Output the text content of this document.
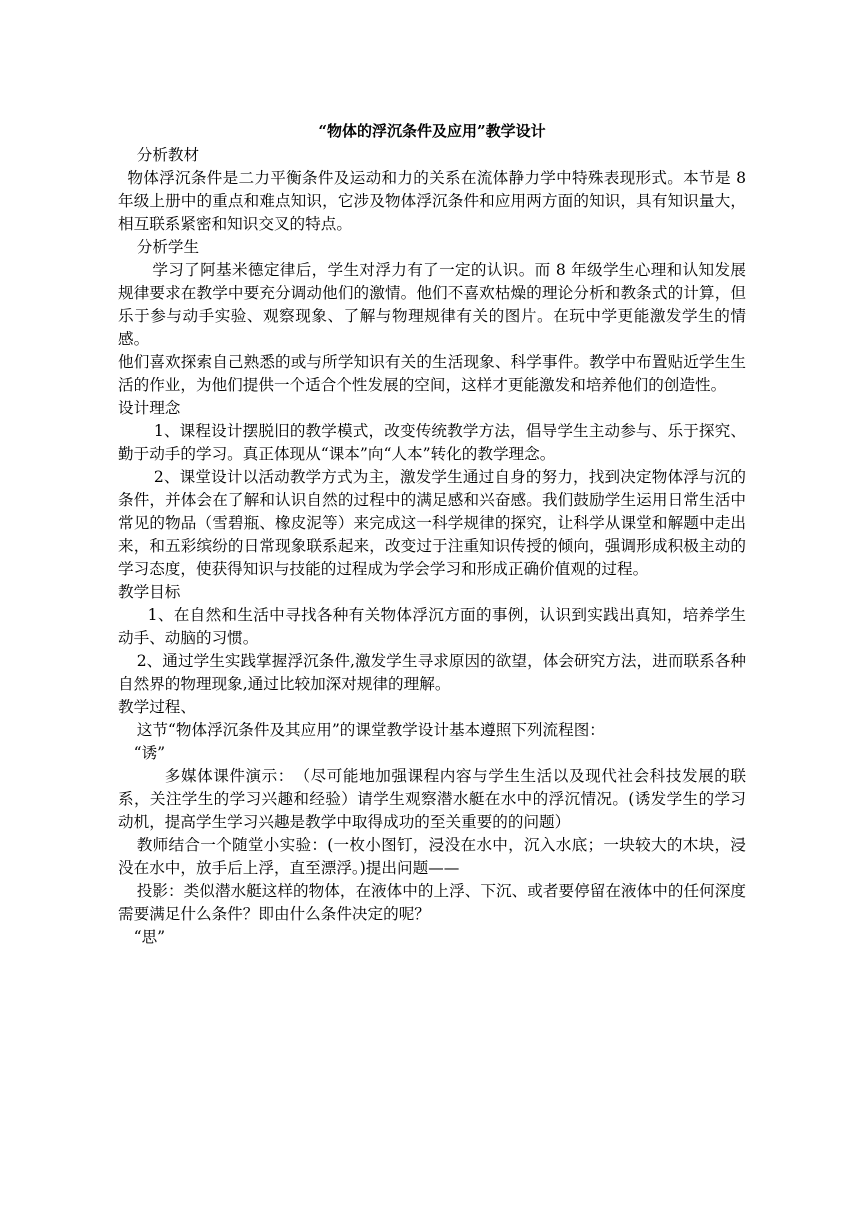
“物体的浮沉条件及应用”教学设计

分析教材

物体浮沉条件是二力平衡条件及运动和力的关系在流体静力学中特殊表现形式。本节是 8 年级上册中的重点和难点知识，它涉及物体浮沉条件和应用两方面的知识，具有知识量大，相互联系紧密和知识交叉的特点。

分析学生

学习了阿基米德定律后，学生对浮力有了一定的认识。而 8 年级学生心理和认知发展规律要求在教学中要充分调动他们的激情。他们不喜欢枯燥的理论分析和教条式的计算，但乐于参与动手实验、观察现象、了解与物理规律有关的图片。在玩中学更能激发学生的情感。

他们喜欢探索自己熟悉的或与所学知识有关的生活现象、科学事件。教学中布置贴近学生生活的作业，为他们提供一个适合个性发展的空间，这样才更能激发和培养他们的创造性。

设计理念

1、课程设计摆脱旧的教学模式，改变传统教学方法，倡导学生主动参与、乐于探究、勤于动手的学习。真正体现从“课本”向“人本”转化的教学理念。

2、课堂设计以活动教学方式为主，激发学生通过自身的努力，找到决定物体浮与沉的条件，并体会在了解和认识自然的过程中的满足感和兴奋感。我们鼓励学生运用日常生活中常见的物品（雪碧瓶、橡皮泥等）来完成这一科学规律的探究，让科学从课堂和解题中走出来，和五彩缤纷的日常现象联系起来，改变过于注重知识传授的倾向，强调形成积极主动的学习态度，使获得知识与技能的过程成为学会学习和形成正确价值观的过程。

教学目标

1、在自然和生活中寻找各种有关物体浮沉方面的事例，认识到实践出真知，培养学生动手、动脑的习惯。

2、通过学生实践掌握浮沉条件,激发学生寻求原因的欲望，体会研究方法，进而联系各种自然界的物理现象,通过比较加深对规律的理解。

教学过程、

这节“物体浮沉条件及其应用”的课堂教学设计基本遵照下列流程图：

“诱”

多媒体课件演示：　（尽可能地加强课程内容与学生生活以及现代社会科技发展的联系，关注学生的学习兴趣和经验）请学生观察潜水艇在水中的浮沉情况。(诱发学生的学习动机，提高学生学习兴趣是教学中取得成功的至关重要的的问题）

教师结合一个随堂小实验：(一枚小图钉，浸没在水中，沉入水底；一块较大的木块，浸没在水中，放手后上浮，直至漂浮。)提出问题——

投影：类似潜水艇这样的物体，在液体中的上浮、下沉、或者要停留在液体中的任何深度需要满足什么条件？即由什么条件决定的呢？

“思”
